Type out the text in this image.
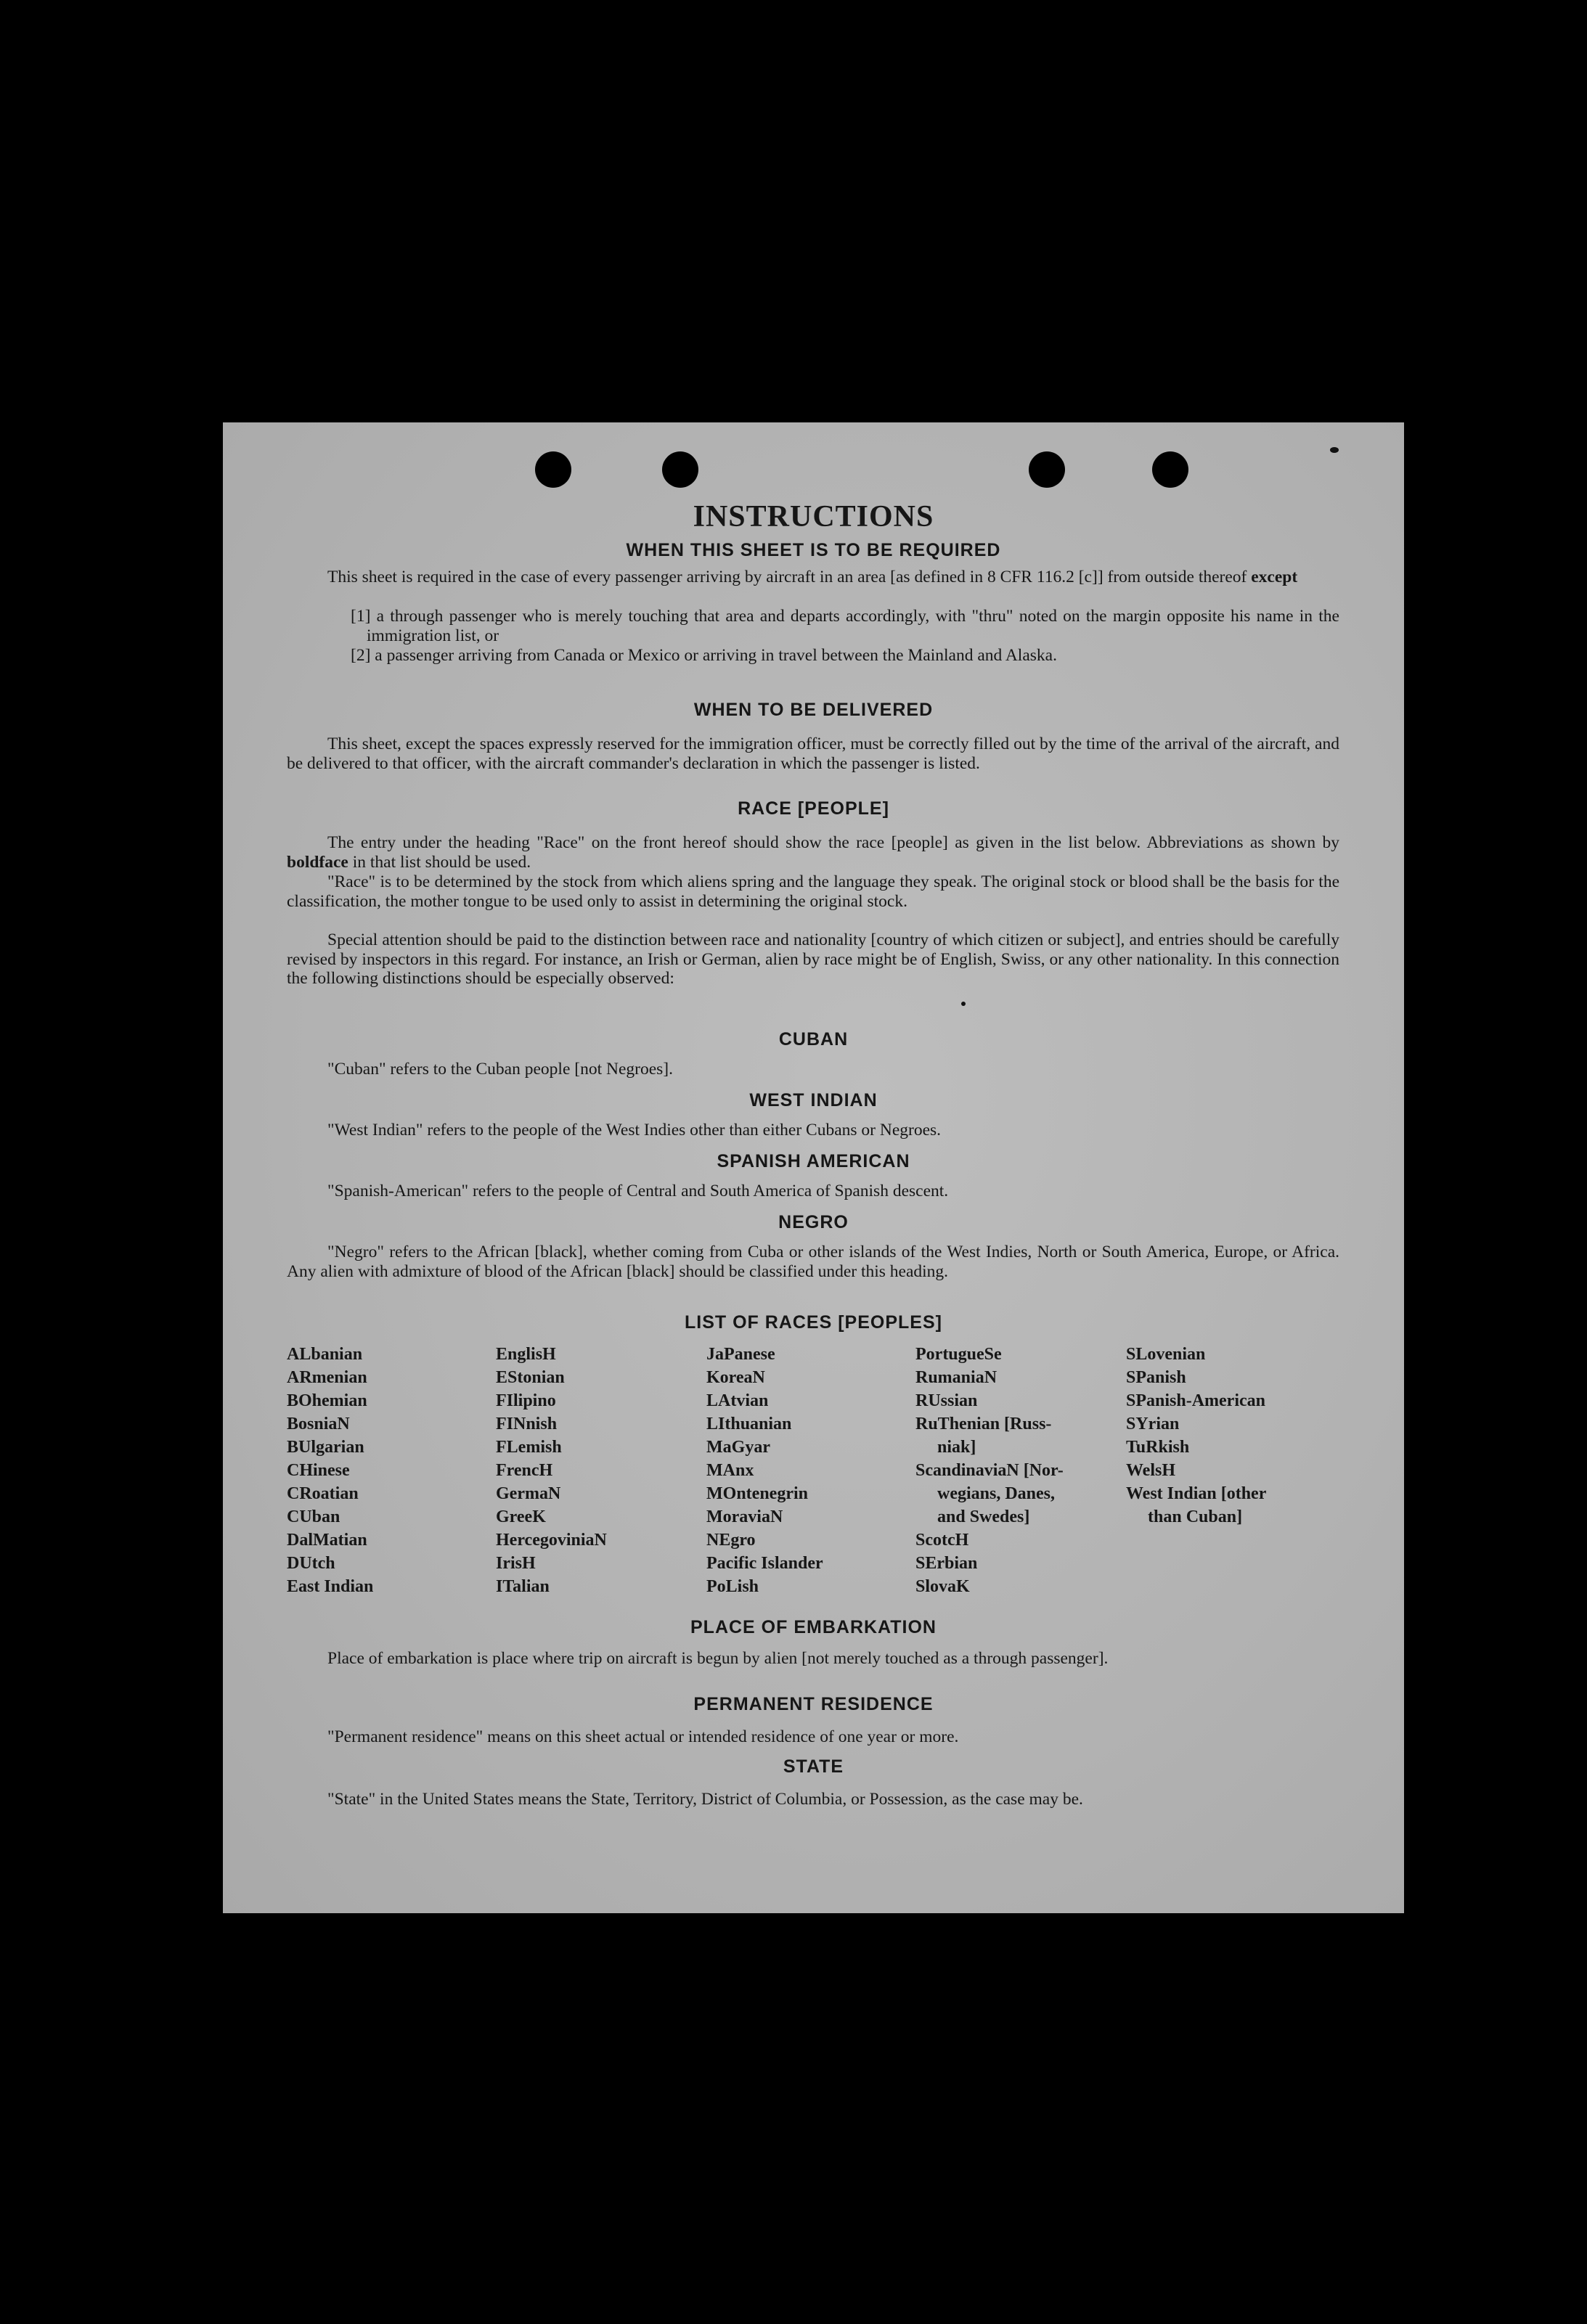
INSTRUCTIONS
WHEN THIS SHEET IS TO BE REQUIRED
This sheet is required in the case of every passenger arriving by aircraft in an area [as defined in 8 CFR 116.2 [c]] from outside thereof except
[1] a through passenger who is merely touching that area and departs accordingly, with "thru" noted on the margin opposite his name in the immigration list, or
[2] a passenger arriving from Canada or Mexico or arriving in travel between the Mainland and Alaska.
WHEN TO BE DELIVERED
This sheet, except the spaces expressly reserved for the immigration officer, must be correctly filled out by the time of the arrival of the aircraft, and be delivered to that officer, with the aircraft commander's declaration in which the passenger is listed.
RACE [PEOPLE]
The entry under the heading "Race" on the front hereof should show the race [people] as given in the list below. Abbreviations as shown by boldface in that list should be used.
"Race" is to be determined by the stock from which aliens spring and the language they speak. The original stock or blood shall be the basis for the classification, the mother tongue to be used only to assist in determining the original stock.
Special attention should be paid to the distinction between race and nationality [country of which citizen or subject], and entries should be carefully revised by inspectors in this regard. For instance, an Irish or German, alien by race might be of English, Swiss, or any other nationality. In this connection the following distinctions should be especially observed:
CUBAN
"Cuban" refers to the Cuban people [not Negroes].
WEST INDIAN
"West Indian" refers to the people of the West Indies other than either Cubans or Negroes.
SPANISH AMERICAN
"Spanish-American" refers to the people of Central and South America of Spanish descent.
NEGRO
"Negro" refers to the African [black], whether coming from Cuba or other islands of the West Indies, North or South America, Europe, or Africa. Any alien with admixture of blood of the African [black] should be classified under this heading.
LIST OF RACES [PEOPLES]
ALbanian
ARmenian
BOhemian
BosniaN
BUlgarian
CHinese
CRoatian
CUban
DalMatian
DUtch
East Indian
EnglisH
EStonian
FIlipino
FINnish
FLemish
FrencH
GermaN
GreeK
HercegoviniaN
IrisH
ITalian
JaPanese
KoreaN
LAtvian
LIthuanian
MaGyar
MAnx
MOntenegrin
MoraviaN
NEgro
Pacific Islander
PoLish
PortugueSe
RumaniaN
RUssian
RuThenian [Russ-
niak]
ScandinaviaN [Nor-
wegians, Danes,
and Swedes]
ScotcH
SErbian
SlovaK
SLovenian
SPanish
SPanish-American
SYrian
TuRkish
WelsH
West Indian [other
than Cuban]
PLACE OF EMBARKATION
Place of embarkation is place where trip on aircraft is begun by alien [not merely touched as a through passenger].
PERMANENT RESIDENCE
"Permanent residence" means on this sheet actual or intended residence of one year or more.
STATE
"State" in the United States means the State, Territory, District of Columbia, or Possession, as the case may be.
